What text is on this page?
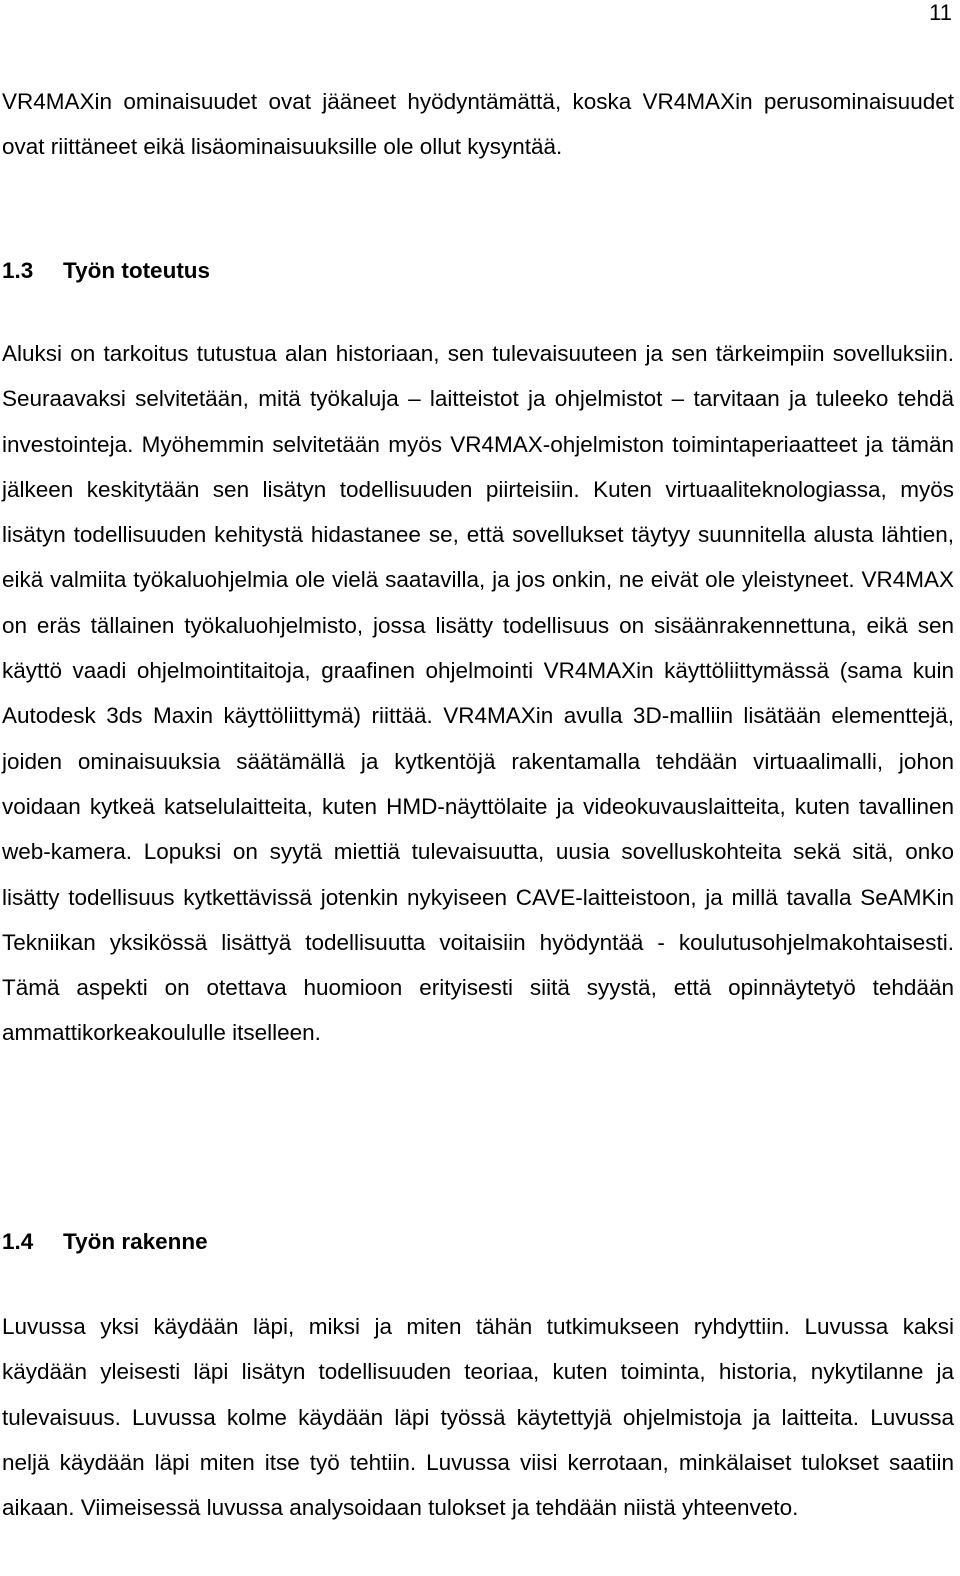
11

VR4MAXin ominaisuudet ovat jääneet hyödyntämättä, koska VR4MAXin perusominaisuudet ovat riittäneet eikä lisäominaisuuksille ole ollut kysyntää.

1.3 Työn toteutus

Aluksi on tarkoitus tutustua alan historiaan, sen tulevaisuuteen ja sen tärkeimpiin sovelluksiin. Seuraavaksi selvitetään, mitä työkaluja – laitteistot ja ohjelmistot – tarvitaan ja tuleeko tehdä investointeja. Myöhemmin selvitetään myös VR4MAX-ohjelmiston toimintaperiaatteet ja tämän jälkeen keskitytään sen lisätyn todellisuuden piirteisiin. Kuten virtuaaliteknologiassa, myös lisätyn todellisuuden kehitystä hidastanee se, että sovellukset täytyy suunnitella alusta lähtien, eikä valmiita työkaluohjelmia ole vielä saatavilla, ja jos onkin, ne eivät ole yleistyneet. VR4MAX on eräs tällainen työkaluohjelmisto, jossa lisätty todellisuus on sisäänrakennettuna, eikä sen käyttö vaadi ohjelmointitaitoja, graafinen ohjelmointi VR4MAXin käyttöliittymässä (sama kuin Autodesk 3ds Maxin käyttöliittymä) riittää. VR4MAXin avulla 3D-malliin lisätään elementtejä, joiden ominaisuuksia säätämällä ja kytkentöjä rakentamalla tehdään virtuaalimalli, johon voidaan kytkeä katselulaitteita, kuten HMD-näyttölaite ja videokuvauslaitteita, kuten tavallinen web-kamera. Lopuksi on syytä miettiä tulevaisuutta, uusia sovelluskohteita sekä sitä, onko lisätty todellisuus kytkettävissä jotenkin nykyiseen CAVE-laitteistoon, ja millä tavalla SeAMKin Tekniikan yksikössä lisättyä todellisuutta voitaisiin hyödyntää - koulutusohjelmakohtaisesti. Tämä aspekti on otettava huomioon erityisesti siitä syystä, että opinnäytetyö tehdään ammattikorkeakoululle itselleen.

1.4 Työn rakenne

Luvussa yksi käydään läpi, miksi ja miten tähän tutkimukseen ryhdyttiin. Luvussa kaksi käydään yleisesti läpi lisätyn todellisuuden teoriaa, kuten toiminta, historia, nykytilanne ja tulevaisuus. Luvussa kolme käydään läpi työssä käytettyjä ohjelmistoja ja laitteita. Luvussa neljä käydään läpi miten itse työ tehtiin. Luvussa viisi kerrotaan, minkälaiset tulokset saatiin aikaan. Viimeisessä luvussa analysoidaan tulokset ja tehdään niistä yhteenveto.
